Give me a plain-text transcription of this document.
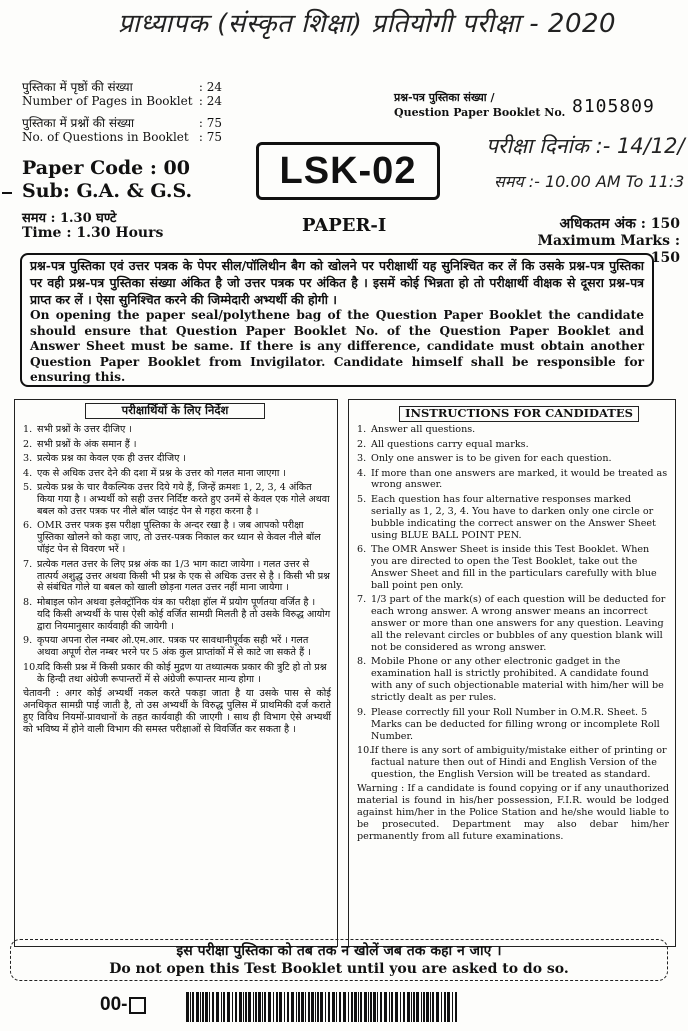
प्राध्यापक (संस्कृत शिक्षा) प्रतियोगी परीक्षा - 2020
पुस्तिका में पृष्ठों की संख्या	: 24
Number of Pages in Booklet : 24
पुस्तिका में प्रश्नों की संख्या	: 75
No. of Questions in Booklet : 75
Paper Code : 00
Sub: G.A. & G.S.
समय : 1.30 घण्टे
Time : 1.30 Hours
प्रश्न-पत्र पुस्तिका संख्या /
Question Paper Booklet No. 8105809
LSK-02
परीक्षा दिनांक :- 14/12/
समय :- 10.00 AM To 11:3
PAPER-I	अधिकतम अंक : 150
Maximum Marks : 150
प्रश्न-पत्र पुस्तिका एवं उत्तर पत्रक के पेपर सील/पॉलिथीन बैग को खोलने पर परीक्षार्थी यह सुनिश्चित कर लें कि उसके प्रश्न-पत्र पुस्तिका पर वही प्रश्न-पत्र पुस्तिका संख्या अंकित है जो उत्तर पत्रक पर अंकित है । इसमें कोई भिन्नता हो तो परीक्षार्थी वीक्षक से दूसरा प्रश्न-पत्र प्राप्त कर लें । ऐसा सुनिश्चित करने की जिम्मेदारी अभ्यर्थी की होगी ।
On opening the paper seal/polythene bag of the Question Paper Booklet the candidate should ensure that Question Paper Booklet No. of the Question Paper Booklet and Answer Sheet must be same. If there is any difference, candidate must obtain another Question Paper Booklet from Invigilator. Candidate himself shall be responsible for ensuring this.
परीक्षार्थियों के लिए निर्देश
1. सभी प्रश्नों के उत्तर दीजिए ।
2. सभी प्रश्नों के अंक समान हैं ।
3. प्रत्येक प्रश्न का केवल एक ही उत्तर दीजिए ।
4. एक से अधिक उत्तर देने की दशा में प्रश्न के उत्तर को गलत माना जाएगा ।
5. प्रत्येक प्रश्न के चार वैकल्पिक उत्तर दिये गये हैं, जिन्हें क्रमशः 1, 2, 3, 4 अंकित किया गया है । अभ्यर्थी को सही उत्तर निर्दिष्ट करते हुए उनमें से केवल एक गोले अथवा बबल को उत्तर पत्रक पर नीले बॉल प्वाइंट पेन से गहरा करना है ।
6. OMR उत्तर पत्रक इस परीक्षा पुस्तिका के अन्दर रखा है । जब आपको परीक्षा पुस्तिका खोलने को कहा जाए, तो उत्तर-पत्रक निकाल कर ध्यान से केवल नीले बॉल पॉइंट पेन से विवरण भरें ।
7. प्रत्येक गलत उत्तर के लिए प्रश्न अंक का 1/3 भाग काटा जायेगा । गलत उत्तर से तात्पर्य अशुद्ध उत्तर अथवा किसी भी प्रश्न के एक से अधिक उत्तर से है । किसी भी प्रश्न से संबंधित गोले या बबल को खाली छोड़ना गलत उत्तर नहीं माना जायेगा ।
8. मोबाइल फोन अथवा इलेक्ट्रॉनिक यंत्र का परीक्षा हॉल में प्रयोग पूर्णतया वर्जित है । यदि किसी अभ्यर्थी के पास ऐसी कोई वर्जित सामग्री मिलती है तो उसके विरुद्ध आयोग द्वारा नियमानुसार कार्यवाही की जायेगी ।
9. कृपया अपना रोल नम्बर ओ.एम.आर. पत्रक पर सावधानीपूर्वक सही भरें । गलत अथवा अपूर्ण रोल नम्बर भरने पर 5 अंक कुल प्राप्तांकों में से काटे जा सकते हैं ।
10.
यदि किसी प्रश्न में किसी प्रकार की कोई मुद्रण या तथ्यात्मक प्रकार की त्रुटि हो तो प्रश्न के हिन्दी तथा अंग्रेजी रूपान्तरों में से अंग्रेजी रूपान्तर मान्य होगा ।
चेतावनी : अगर कोई अभ्यर्थी नकल करते पकड़ा जाता है या उसके पास से कोई अनधिकृत सामग्री पाई जाती है, तो उस अभ्यर्थी के विरुद्ध पुलिस में प्राथमिकी दर्ज कराते हुए विविध नियमों-प्रावधानों के तहत कार्यवाही की जाएगी । साथ ही विभाग ऐसे अभ्यर्थी को भविष्य में होने वाली विभाग की समस्त परीक्षाओं से विवर्जित कर सकता है ।
INSTRUCTIONS FOR CANDIDATES
1. Answer all questions.
2. All questions carry equal marks.
3. Only one answer is to be given for each question.
4. If more than one answers are marked, it would be treated as wrong answer.
5. Each question has four alternative responses marked serially as 1, 2, 3, 4. You have to darken only one circle or bubble indicating the correct answer on the Answer Sheet using BLUE BALL POINT PEN.
6. The OMR Answer Sheet is inside this Test Booklet. When you are directed to open the Test Booklet, take out the Answer Sheet and fill in the particulars carefully with blue ball point pen only.
7. 1/3 part of the mark(s) of each question will be deducted for each wrong answer. A wrong answer means an incorrect answer or more than one answers for any question. Leaving all the relevant circles or bubbles of any question blank will not be considered as wrong answer.
8. Mobile Phone or any other electronic gadget in the examination hall is strictly prohibited. A candidate found with any of such objectionable material with him/her will be strictly dealt as per rules.
9. Please correctly fill your Roll Number in O.M.R. Sheet. 5 Marks can be deducted for filling wrong or incomplete Roll Number.
10.
If there is any sort of ambiguity/mistake either of printing or factual nature then out of Hindi and English Version of the question, the English Version will be treated as standard.
Warning : If a candidate is found copying or if any unauthorized material is found in his/her possession, F.I.R. would be lodged against him/her in the Police Station and he/she would liable to be prosecuted. Department may also debar him/her permanently from all future examinations.
इस परीक्षा पुस्तिका को तब तक न खोलें जब तक कहा न जाए ।
Do not open this Test Booklet until you are asked to do so.
00-
